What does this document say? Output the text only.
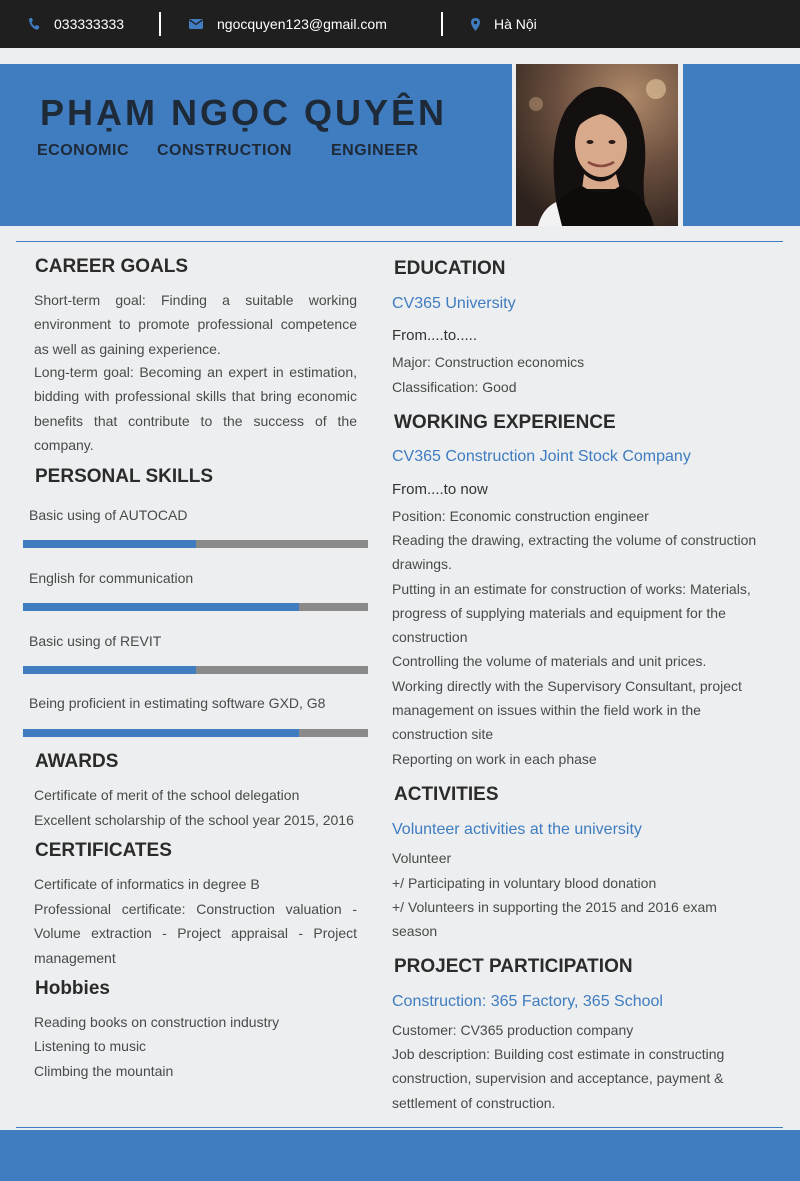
033333333	ngocquyen123@gmail.com	Hà Nội
PHẠM NGỌC QUYÊN
ECONOMIC CONSTRUCTION ENGINEER
CAREER GOALS
Short-term goal: Finding a suitable working environment to promote professional competence as well as gaining experience.
Long-term goal: Becoming an expert in estimation, bidding with professional skills that bring economic benefits that contribute to the success of the company.
PERSONAL SKILLS
Basic using of AUTOCAD
English for communication
Basic using of REVIT
Being proficient in estimating software GXD, G8
AWARDS
Certificate of merit of the school delegation
Excellent scholarship of the school year 2015, 2016
CERTIFICATES
Certificate of informatics in degree B
Professional certificate: Construction valuation - Volume extraction - Project appraisal - Project management
Hobbies
Reading books on construction industry
Listening to music
Climbing the mountain
EDUCATION
CV365 University
From....to.....
Major: Construction economics
Classification: Good
WORKING EXPERIENCE
CV365 Construction Joint Stock Company
From....to now
Position: Economic construction engineer
Reading the drawing, extracting the volume of construction drawings.
Putting in an estimate for construction of works: Materials, progress of supplying materials and equipment for the construction
Controlling the volume of materials and unit prices.
Working directly with the Supervisory Consultant, project management on issues within the field work in the construction site
Reporting on work in each phase
ACTIVITIES
Volunteer activities at the university
Volunteer
+/ Participating in voluntary blood donation
+/ Volunteers in supporting the 2015 and 2016 exam season
PROJECT PARTICIPATION
Construction: 365 Factory, 365 School
Customer: CV365 production company
Job description: Building cost estimate in constructing construction, supervision and acceptance, payment & settlement of construction.
